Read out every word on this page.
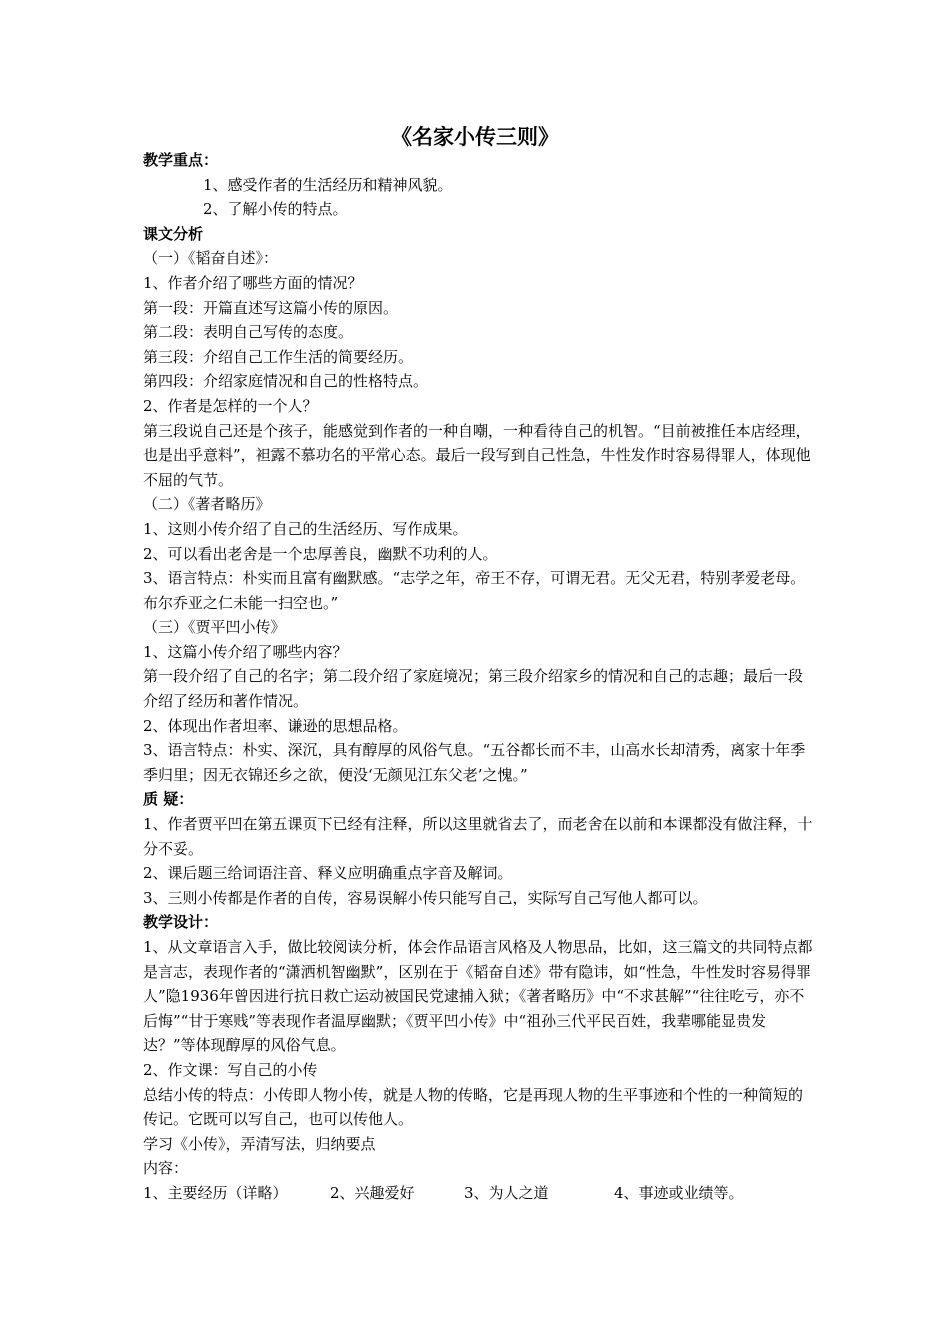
《名家小传三则》
教学重点：
1、感受作者的生活经历和精神风貌。
2、了解小传的特点。
课文分析
（一）《韬奋自述》：
1、作者介绍了哪些方面的情况？
第一段：开篇直述写这篇小传的原因。
第二段：表明自己写传的态度。
第三段：介绍自己工作生活的简要经历。
第四段：介绍家庭情况和自己的性格特点。
2、作者是怎样的一个人？
第三段说自己还是个孩子，能感觉到作者的一种自嘲，一种看待自己的机智。“目前被推任本店经理，也是出乎意料”，袒露不慕功名的平常心态。最后一段写到自己性急，牛性发作时容易得罪人，体现他不屈的气节。
（二）《著者略历》
1、这则小传介绍了自己的生活经历、写作成果。
2、可以看出老舍是一个忠厚善良，幽默不功利的人。
3、语言特点：朴实而且富有幽默感。“志学之年，帝王不存，可谓无君。无父无君，特别孝爱老母。布尔乔亚之仁未能一扫空也。”
（三）《贾平凹小传》
1、这篇小传介绍了哪些内容？
第一段介绍了自己的名字；第二段介绍了家庭境况；第三段介绍家乡的情况和自己的志趣；最后一段介绍了经历和著作情况。
2、体现出作者坦率、谦逊的思想品格。
3、语言特点：朴实、深沉，具有醇厚的风俗气息。“五谷都长而不丰，山高水长却清秀，离家十年季季归里；因无衣锦还乡之欲，便没‘无颜见江东父老’之愧。”
质 疑：
1、作者贾平凹在第五课页下已经有注释，所以这里就省去了，而老舍在以前和本课都没有做注释，十分不妥。
2、课后题三给词语注音、释义应明确重点字音及解词。
3、三则小传都是作者的自传，容易误解小传只能写自己，实际写自己写他人都可以。
教学设计：
1、从文章语言入手，做比较阅读分析，体会作品语言风格及人物思品，比如，这三篇文的共同特点都是言志，表现作者的“潇洒机智幽默”，区别在于《韬奋自述》带有隐讳，如“性急，牛性发时容易得罪人”隐1936年曾因进行抗日救亡运动被国民党逮捕入狱；《著者略历》中“不求甚解”“往往吃亏，亦不后悔”“甘于寒贱”等表现作者温厚幽默；《贾平凹小传》中“祖孙三代平民百姓，我辈哪能显贵发达？”等体现醇厚的风俗气息。
2、作文课：写自己的小传
总结小传的特点：小传即人物小传，就是人物的传略，它是再现人物的生平事迹和个性的一种简短的传记。它既可以写自己，也可以传他人。
学习《小传》，弄清写法，归纳要点
内容：
1、主要经历（详略）	2、兴趣爱好	3、为人之道	4、事迹或业绩等。
